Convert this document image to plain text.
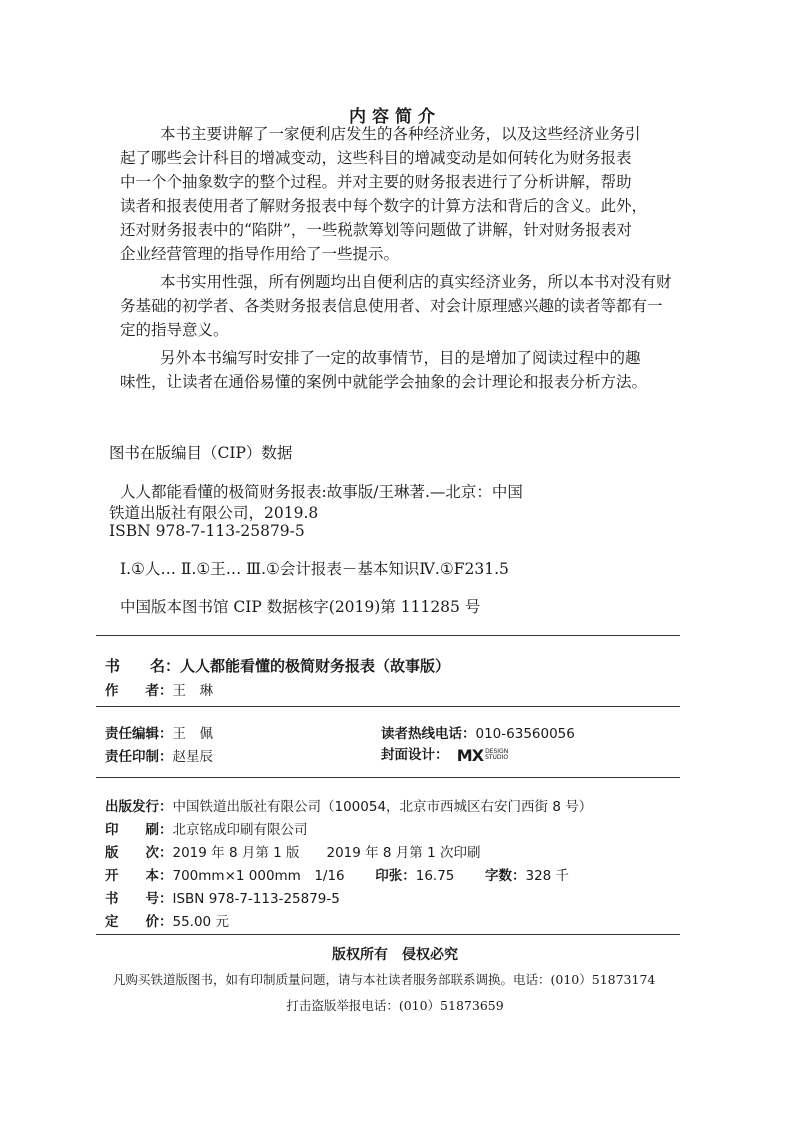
内容简介
本书主要讲解了一家便利店发生的各种经济业务，以及这些经济业务引
起了哪些会计科目的增减变动，这些科目的增减变动是如何转化为财务报表
中一个个抽象数字的整个过程。并对主要的财务报表进行了分析讲解，帮助
读者和报表使用者了解财务报表中每个数字的计算方法和背后的含义。此外，
还对财务报表中的“陷阱”，一些税款筹划等问题做了讲解，针对财务报表对
企业经营管理的指导作用给了一些提示。
本书实用性强，所有例题均出自便利店的真实经济业务，所以本书对没有财
务基础的初学者、各类财务报表信息使用者、对会计原理感兴趣的读者等都有一
定的指导意义。
另外本书编写时安排了一定的故事情节，目的是增加了阅读过程中的趣
味性，让读者在通俗易懂的案例中就能学会抽象的会计理论和报表分析方法。
图书在版编目（CIP）数据
人人都能看懂的极简财务报表:故事版/王琳著.—北京：中国
铁道出版社有限公司，2019.8
ISBN 978-7-113-25879-5
Ⅰ.①人… Ⅱ.①王… Ⅲ.①会计报表－基本知识Ⅳ.①F231.5
中国版本图书馆 CIP 数据核字(2019)第 111285 号
书　　名：人人都能看懂的极简财务报表（故事版）
作　　者：王　琳
责任编辑：王　佩	读者热线电话：010-63560056
责任印制：赵星辰	封面设计： MX DESIGN
STUDIO
出版发行：中国铁道出版社有限公司（100054，北京市西城区右安门西街 8 号）
印　　刷：北京铭成印刷有限公司
版　　次：2019 年 8 月第 1 版　　2019 年 8 月第 1 次印刷
开　　本：700mm×1 000mm　1/16 印张：16.75 字数：328 千
书　　号：ISBN 978-7-113-25879-5
定　　价：55.00 元
版权所有　侵权必究
凡购买铁道版图书，如有印制质量问题，请与本社读者服务部联系调换。电话：(010）51873174
打击盗版举报电话：(010）51873659
